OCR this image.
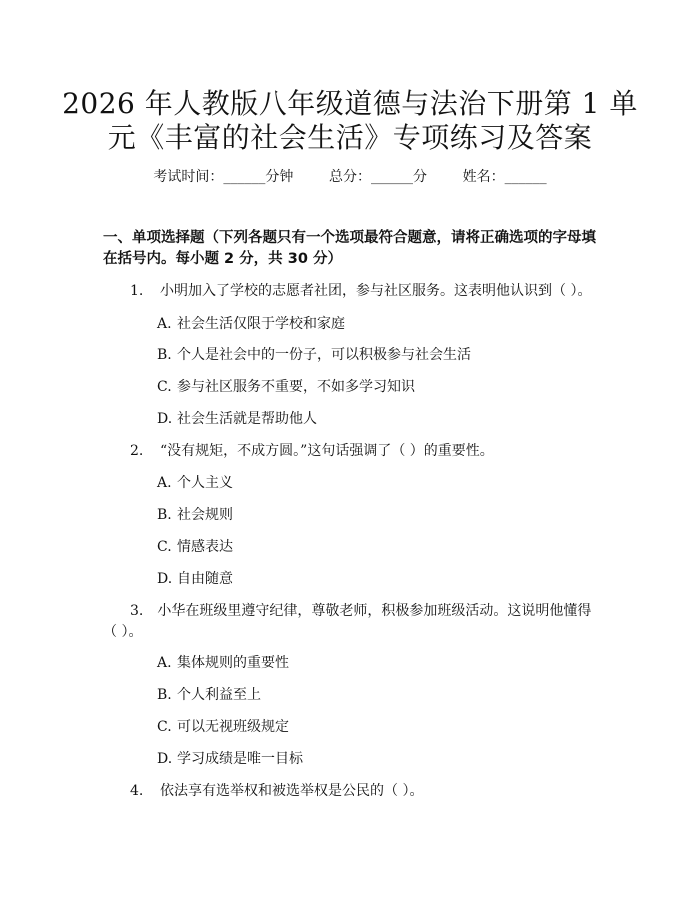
2026 年人教版八年级道德与法治下册第 1 单
元《丰富的社会生活》专项练习及答案
考试时间：______分钟	总分：______分	姓名：______
一、单项选择题（下列各题只有一个选项最符合题意，请将正确选项的字母填在括号内。每小题 2 分，共 30 分）
1. 小明加入了学校的志愿者社团，参与社区服务。这表明他认识到（ ）。
A. 社会生活仅限于学校和家庭
B. 个人是社会中的一份子，可以积极参与社会生活
C. 参与社区服务不重要，不如多学习知识
D. 社会生活就是帮助他人
2. “没有规矩，不成方圆。”这句话强调了（ ）的重要性。
A. 个人主义
B. 社会规则
C. 情感表达
D. 自由随意
3. 小华在班级里遵守纪律，尊敬老师，积极参加班级活动。这说明他懂得（ ）。
A. 集体规则的重要性
B. 个人利益至上
C. 可以无视班级规定
D. 学习成绩是唯一目标
4. 依法享有选举权和被选举权是公民的（ ）。
